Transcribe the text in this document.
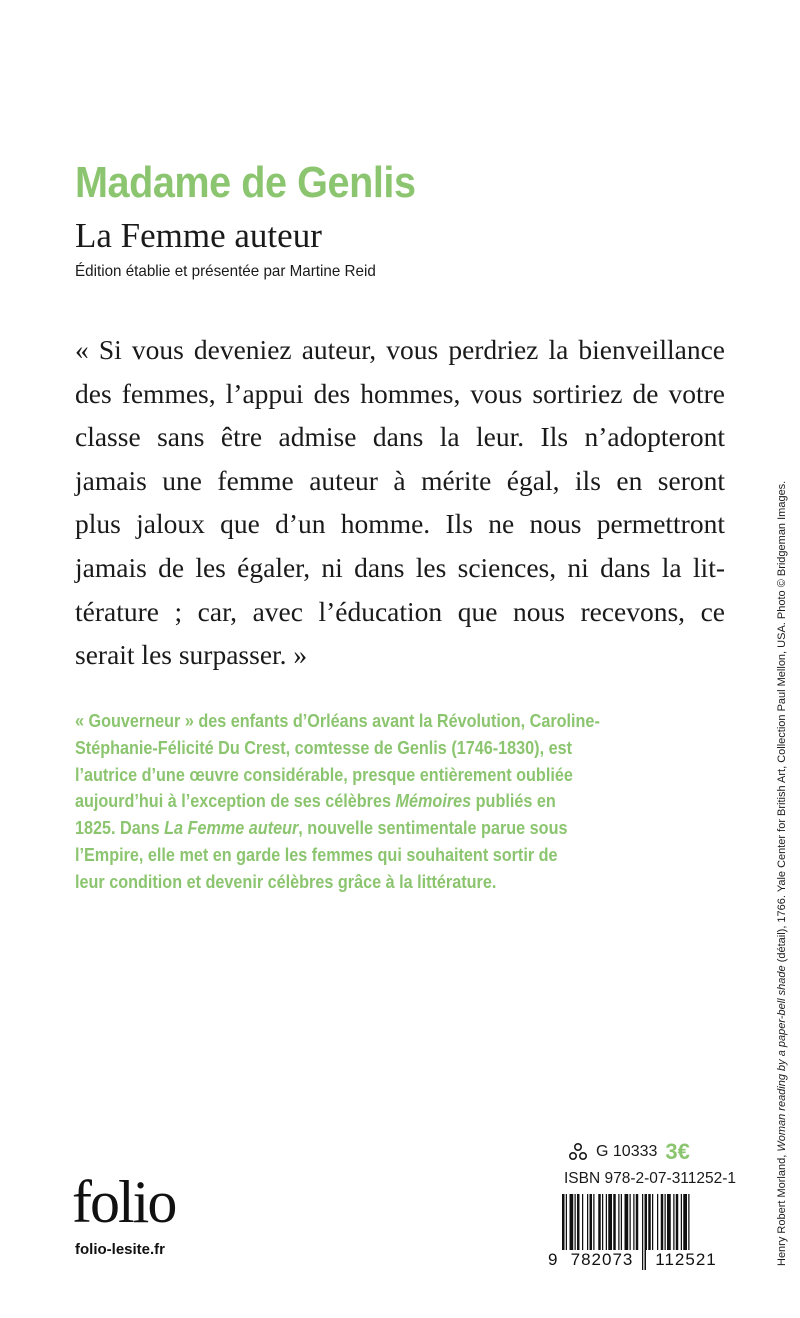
Madame de Genlis
La Femme auteur
Édition établie et présentée par Martine Reid
« Si vous deveniez auteur, vous perdriez la bienveillance
des femmes, l’appui des hommes, vous sortiriez de votre
classe sans être admise dans la leur. Ils n’adopteront
jamais une femme auteur à mérite égal, ils en seront
plus jaloux que d’un homme. Ils ne nous permettront
jamais de les égaler, ni dans les sciences, ni dans la lit-
térature ; car, avec l’éducation que nous recevons, ce
serait les surpasser. »
« Gouverneur » des enfants d’Orléans avant la Révolution, Caroline-
Stéphanie-Félicité Du Crest, comtesse de Genlis (1746-1830), est
l’autrice d’une œuvre considérable, presque entièrement oubliée
aujourd’hui à l’exception de ses célèbres Mémoires publiés en
1825. Dans La Femme auteur, nouvelle sentimentale parue sous
l’Empire, elle met en garde les femmes qui souhaitent sortir de
leur condition et devenir célèbres grâce à la littérature.
folio
folio-lesite.fr
G 10333 3€
ISBN 978-2-07-311252-1
9 782073	112521	Henry Robert Morland, Woman reading by a paper-bell shade (détail), 1766. Yale Center for British Art, Collection Paul Mellon, USA. Photo © Bridgeman Images.
